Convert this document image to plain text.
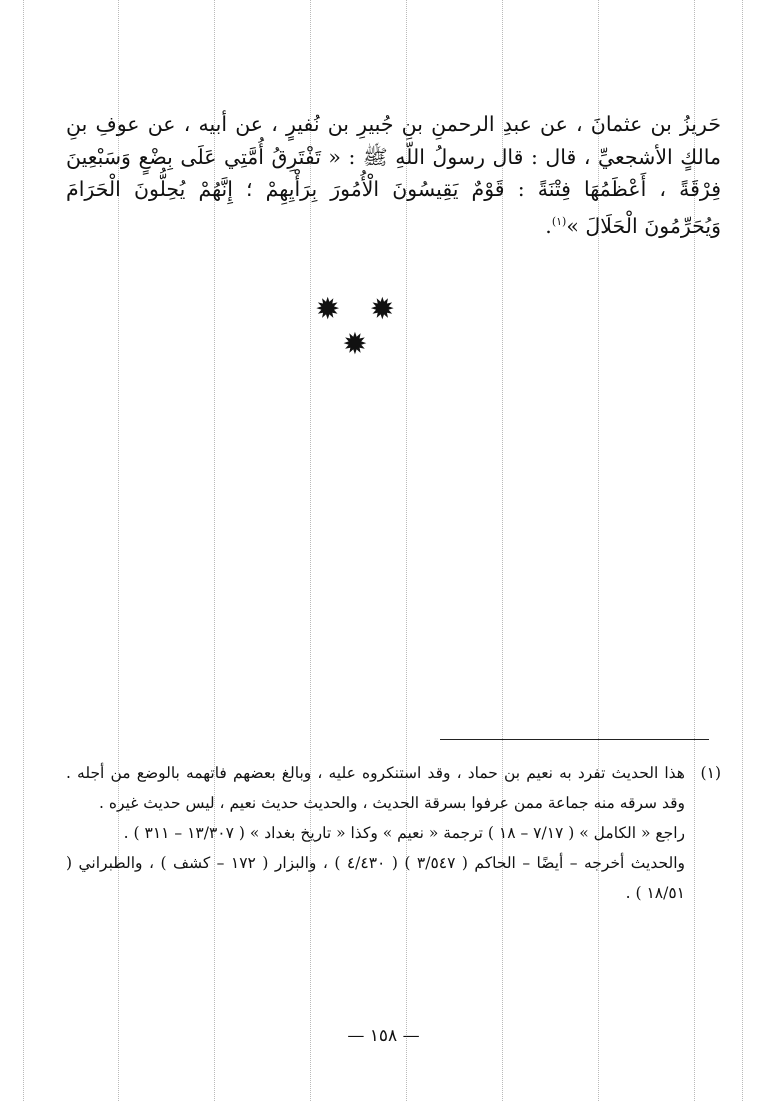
حَريزُ بن عثمانَ ، عن عبدِ الرحمنِ بنِ جُبيرِ بن نُفيرٍ ، عن أبيه ، عن عوفِ بنِ مالكٍ الأشجعيِّ ، قال : قال رسولُ اللّهِ ﷺ : « تَفْتَرِقُ أُمَّتِي عَلَى بِضْعٍ وَسَبْعِينَ فِرْقَةً ، أَعْظَمُهَا فِتْنَةً : قَوْمٌ يَقِيسُونَ الْأُمُورَ بِرَأْيِهِمْ ؛ إِنَّهُمْ يُحِلُّونَ الْحَرَامَ وَيُحَرِّمُونَ الْحَلَالَ »$^{(١)}$.

✹ ✹ ✹

(١)هذا الحديث تفرد به نعيم بن حماد ، وقد استنكروه عليه ، وبالغ بعضهم فاتهمه بالوضع من أجله . وقد سرقه منه جماعة ممن عرفوا بسرقة الحديث ، والحديث حديث نعيم ، ليس حديث غيره .

راجع « الكامل » ( ٧/١٧ – ١٨ ) ترجمة « نعيم » وكذا « تاريخ بغداد » ( ١٣/٣٠٧ – ٣١١ ) .

والحديث أخرجه – أيضًا – الحاكم ( ٣/٥٤٧ ) ( ٤/٤٣٠ ) ، والبزار ( ١٧٢ – كشف ) ، والطبراني ( ١٨/٥١ ) .

— ١٥٨ —
